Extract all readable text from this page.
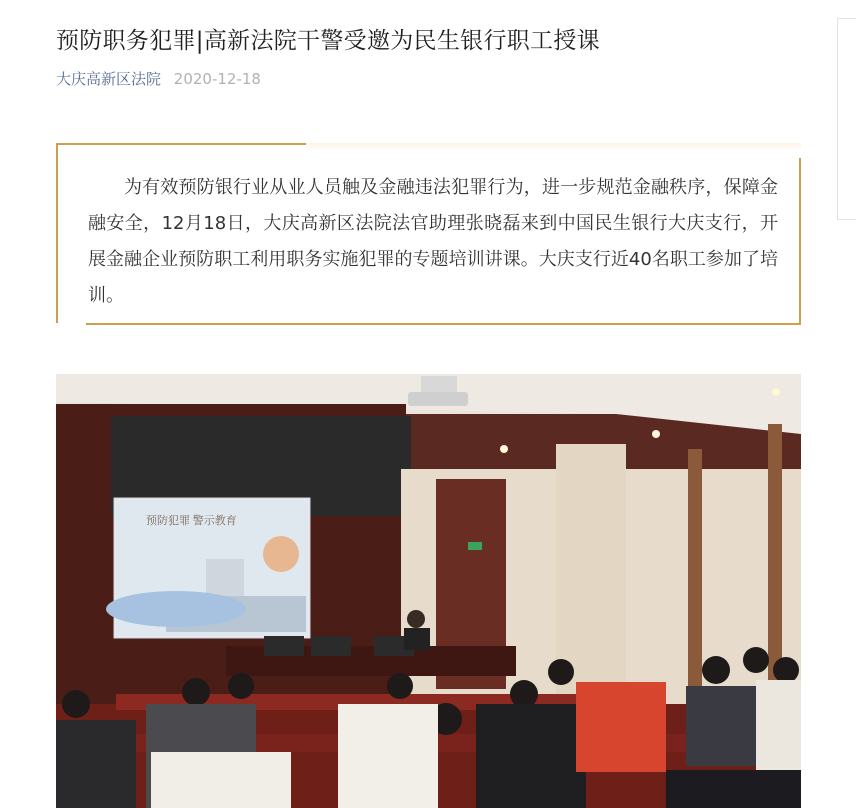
预防职务犯罪|高新法院干警受邀为民生银行职工授课
大庆高新区法院 2020-12-18

为有效预防银行业从业人员触及金融违法犯罪行为，进一步规范金融秩序，保障金融安全，12月18日，大庆高新区法院法官助理张晓磊来到中国民生银行大庆支行，开展金融企业预防职工利用职务实施犯罪的专题培训讲课。大庆支行近40名职工参加了培训。

预防犯罪 警示教育
